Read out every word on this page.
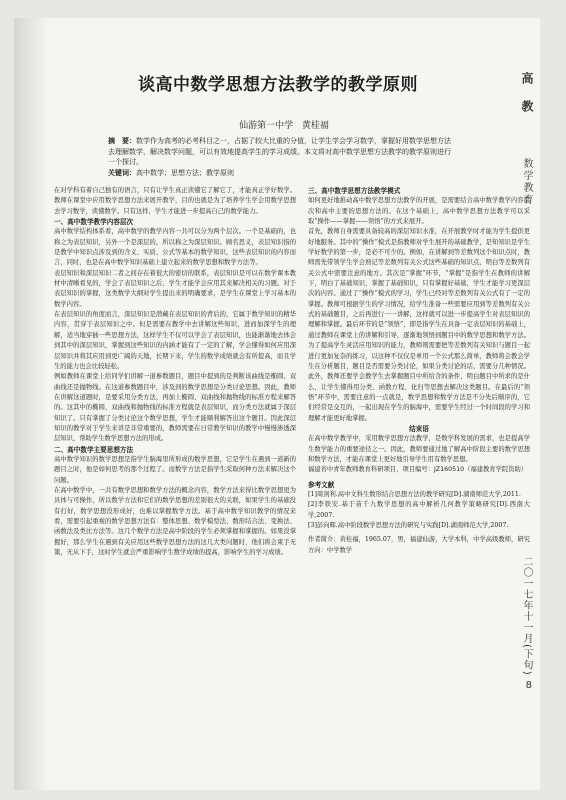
高 教
数学教育
二〇一七年十一月(下旬)
8
谈高中数学思想方法教学的教学原则
仙游第一中学 黄桂福

摘　要：数学作为高考的必考科目之一，占据了较大比重的分值，让学生学会学习数学，掌握好用数学思想方法去理解数学，解决数学问题，可以有效地提高学生的学习成绩。本文将对高中数学思想方法教学的教学原则进行一个探讨。

关键词：高中数学；思想方法；教学原则

在对学科有着自己独有的语言，只有让学生真正读懂它了解它了，才能真正学好数学。教师在课堂中应用数学思想方法来展开教学，目的也就是为了培养学生学会用数学思想去学习数学，读懂数学。只有这样，学生才能进一步提高自己的数学能力。

一、高中数学教学内容层次

高中数学结构体系看，高中数学的教学内容一共可以分为两个层次。一个是基础的，也称之为表层知识，另外一个是深层的，所以称之为深层知识。顾名思义，表层知识指的是教学中知识点涉及到的含义、实质、公式等基本的数学知识，这些表层知识的内容而言，同时，也是在高中数学知识基础上建立起来的数学思想和数学方法等。

表层知识和深层知识二者之间存在着很大的密切的联系，表层知识是可以在数学课本教材中清晰看见的，学会了表层知识之后，学生才能学会应用其来解决相关的习题。对于表层知识的掌握，这类数学大纲对学生提出来的明确要求，是学生在课堂上学习基本的数学内容。

在表层知识的角度而言，深层知识是潜藏在表层知识的背后的，它属于数学知识的精华内容，贯穿于表层知识之中。但是需要在教学中去讲解这些知识，进而加深学生的理解，适当地穿插一些思想方法，这样学生不仅可以学会了表层知识，也能渐渐地去体会到其中的深层知识，掌握到这些知识的内涵才能有了一定的了解，学会懂得如何应用深层知识并将其应用到更广阔的天地，长期下来，学生的数学成绩就会有所提高，而且学生的能力也会比较轻松。

例如教师在课堂上给同学们讲解一道参数题目，题目中提到的是判断该曲线是椭圆、双曲线还是抛物线。在这道参数题目中，涉及到的数学思想是分类讨论思想。因此，教师在讲解这道题时，是要采用分类方法，再加上椭圆、双曲线和抛物线的标准方程来解答的。这其中的椭圆、双曲线和抛物线的标准方程就是表层知识，而分类方法就属于深层知识了。只有掌握了分类讨论这个数学思想，学生才能顺利解答出这个题目。因此深层知识的教学对于学生来讲是非常重要的，教师需要在日常教学知识的教学中慢慢渗透深层知识，帮助学生数学思想方法的形成。

二、高中数学主要思想方法

高中数学知识的数学思想是指学生脑海里所形成的数学思想，它是学生在遇到一道新的题目之时，他是如何思考的那个过程了。而数学方法是指学生采取何种方法来解决这个问题。

在高中数学中，一共有数学思想和数学方法的概念内容，数学方法来得比数学思想更为具体与可操作，所以数学方法和它们的数学思想的差别很大的关联，如果学生的基础没有打好，数学思想没形成好，也难以掌握数学方法。基于高中数学知识教学的情况来看，需要引起重视的数学思想方法有：整体思想、数学模型法、数形结合法、变换法、函数法及类比方法等。这几个数学方法是高中阶段的学生必须掌握和掌握的。如果没掌握好，那么学生在遇到有关应用这些数学思想方法的这几大类问题时，他们将会束手无策，无从下手，这时学生就会严重影响学生数学成绩的提高，影响学生的学习成绩。

三、高中数学思想方法教学模式

如何更好地推动高中数学思想方法教学的开展，是需要结合高中数学教学内容层次和高中主要的思想方法的。在这个基础上，高中数学思想方法教学可以采取“操作——掌握——领悟”的方式来展开。

首先，教师自身需要具备较高的深层知识水准，在开展教学时才能为学生提供更好地服务。其中的“操作”模式是指教师对学生展开的基础教学，是知知识是学生学好数学的第一步，是必不可少的。例如，在讲解到等差数列这个知识点时，教师需先带领学生学会熟记等差数列有关公式这些基础的知识点，明白等差数列有关公式中需要注意的地方。其次是“掌握”环节，“掌握”是指学生在教师的讲解下，明白了基础知识，掌握了基础知识，只有掌握好基础，学生才能学习更深层次的内容。通过了“操作”模式的学习，学生已经对等差数列有关公式有了一定的掌握。教师可根据学生的学习情况，给学生准备一些需要应用到等差数列有关公式的基础题目，之后再进行一一讲解，这样就可以进一步提高学生对表层知识的理解和掌握。最后环节的是“领悟”，即是指学生在具备一定表层知识的基础上，通过教师在课堂上的讲解和引导，逐渐地领悟到题目中的数学思想和数学方法。为了提高学生灵活应用知识的能力，教师则需要把等差数列有关知识与题目一起进行更加复杂的练习，以这种不仅仅是单用一个公式那么简单，教师将会教会学生在分析题目，题目是否需要分类讨论，如果分类讨论的话，需要分几种情况。此外，教师还要学会教学生去掌握题目中所给含的条件，明白题目中所求的是什么，让学生懂得用分类、函数方程、化归等思想去解决这类题目。在最后的“领悟”环节中，需要注意的一点就是，数学思想和数学方法是不分先后顺序的，它们经常是交互的，一起出现在学生的脑海中，需要学生经过一个时间段的学习和理解才能更好地掌握。

结束语

在高中数学教学中，采用数学思想方法教学，是数学科发展的需求，也是提高学生数学能力的重要途径之一。因此，教师要通过地了解高中阶段主要的数学思想和数学方法，才能在课堂上更好地引导学生用有数学思想。

福建省中青年教师教育科研项目，项目编号：JZ160510（福建教育学院资助）

参考文献

[1]周剑利.高中文科生数形结合思想方法的教学研究[D].湖南师范大学,2011.

[2]李铁安.基于苗千九数学思想的高中解析几何教学策略研究[D].西南大学,2007.

[3]彭向辉.高中阶段数学思想方法的研究与实践[D].湖南师范大学,2007.

作者简介：黄桂福，1965.07，男，福建仙游，大学本科，中学高级教师，研究方向：中学数学
